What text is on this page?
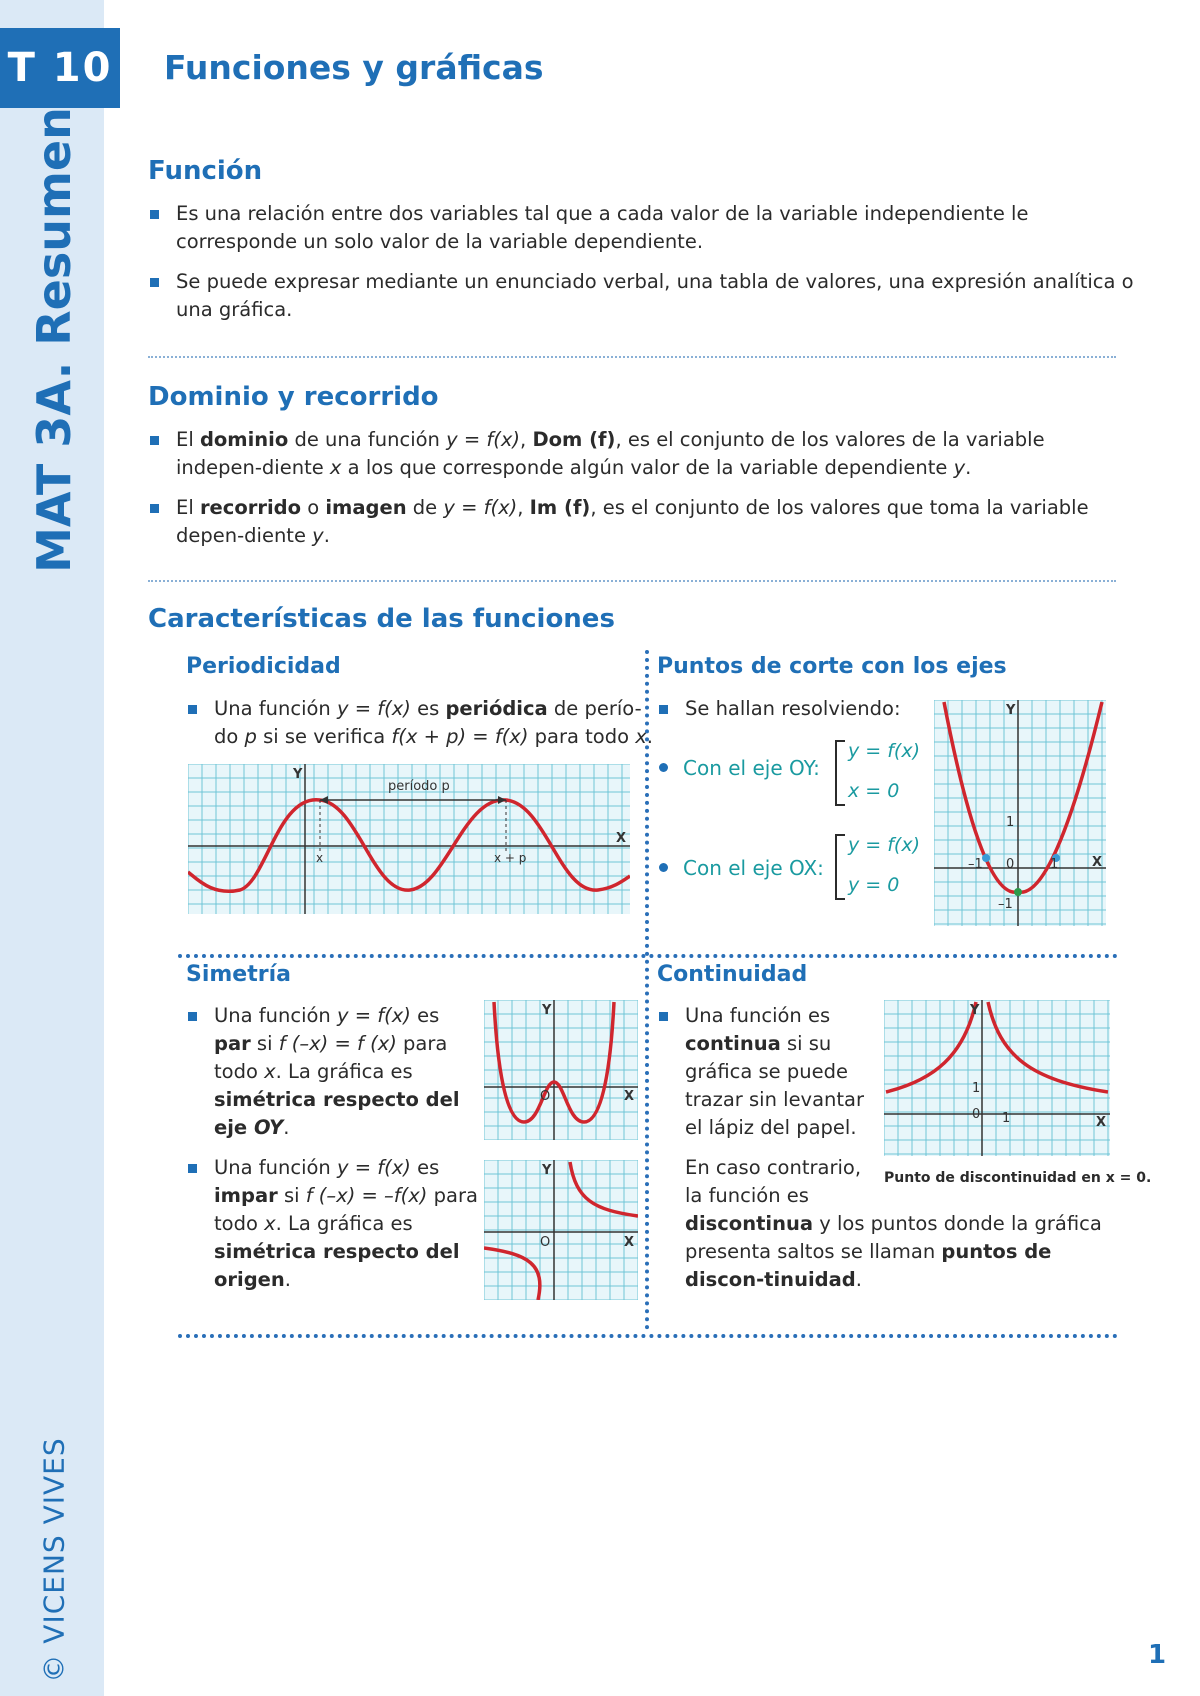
T 10
MAT 3A. Resumen
© VICENS VIVES
Funciones y gráficas
Función
Es una relación entre dos variables tal que a cada valor de la variable independiente le corresponde un solo valor de la variable dependiente.
Se puede expresar mediante un enunciado verbal, una tabla de valores, una expresión analítica o una gráfica.
Dominio y recorrido
El dominio de una función y = f(x), Dom (f), es el conjunto de los valores de la variable indepen-diente x a los que corresponde algún valor de la variable dependiente y.
El recorrido o imagen de y = f(x), Im (f), es el conjunto de los valores que toma la variable depen-diente y.
Características de las funciones
Periodicidad
Una función y = f(x) es periódica de perío-do p si se verifica f(x + p) = f(x) para todo x.
período p
Y
X
x	x + p
Puntos de corte con los ejes
Se hallan resolviendo:
Con el eje OY:
y = f(x)
x = 0
Con el eje OX:
y = f(x)
y = 0
Y
X
–1 0	1
1
–1
Simetría
Una función y = f(x) es par si f (–x) = f (x) para todo x. La gráfica es simétrica respecto del eje OY.
Una función y = f(x) es impar si f (–x) = –f(x) para todo x. La gráfica es simétrica respecto del origen.
Y
X
O
Y
X
O
Continuidad
Una función es continua si su gráfica se puede trazar sin levantar el lápiz del papel.
En caso contrario, la función es
discontinua y los puntos donde la gráfica presenta saltos se llaman puntos de discon-tinuidad.
Y
X
0 1
1
Punto de discontinuidad en x = 0.
1
